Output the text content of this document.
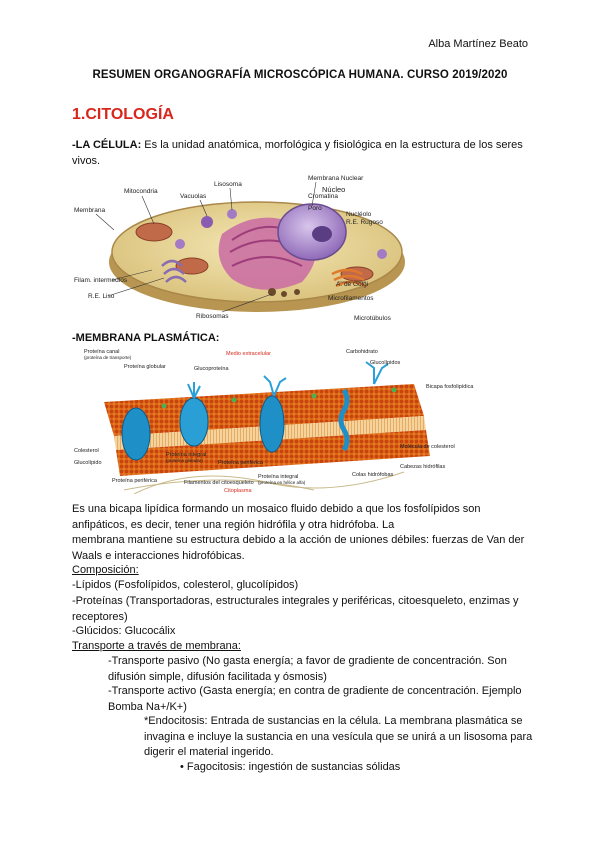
Alba Martínez Beato
RESUMEN ORGANOGRAFÍA MICROSCÓPICA HUMANA. CURSO 2019/2020
1.CITOLOGÍA
-LA CÉLULA: Es la unidad anatómica, morfológica y fisiológica en la estructura de los seres vivos.
Mitocondria
Vacuolas
Lisosoma
Membrana Nuclear
Cromatina
Poro
Núcleo
Nucléolo
R.E. Rugoso
Membrana
Filam. intermedios
R.E. Liso
Ribosomas
A. de Golgi
Microfilamentos
Microtúbulos
-MEMBRANA PLASMÁTICA:
Proteína canal
(proteína de transporte)
Proteína globular	Glucoproteína
Medio extracelular	Carbohidrato
Glucolípidos
Bicapa fosfolipídica
Colesterol
Glucolípido
Proteína integral
(proteína globular)	Proteína periférica
Proteína periférica	Filamentos del citoesqueleto
Citoplasma
Proteína integral
(proteína en hélice alfa)
Colas hidrófobas
Molécula de colesterol
Cabezas hidrófilas
Es una bicapa lipídica formando un mosaico fluido debido a que los fosfolípidos son anfipáticos, es decir, tener una región hidrófila y otra hidrófoba. La
membrana mantiene su estructura debido a la acción de uniones débiles: fuerzas de Van der Waals e interacciones hidrofóbicas.
Composición:
-Lípidos (Fosfolípidos, colesterol, glucolípidos)
-Proteínas (Transportadoras, estructurales integrales y periféricas, citoesqueleto, enzimas y receptores)
-Glúcidos: Glucocálix
Transporte a través de membrana:
-Transporte pasivo (No gasta energía; a favor de gradiente de concentración. Son difusión simple, difusión facilitada y ósmosis)
-Transporte activo (Gasta energía; en contra de gradiente de concentración. Ejemplo Bomba Na+/K+)
*Endocitosis: Entrada de sustancias en la célula. La membrana plasmática se invagina e incluye la sustancia en una vesícula que se unirá a un lisosoma para digerir el material ingerido.
• Fagocitosis: ingestión de sustancias sólidas
